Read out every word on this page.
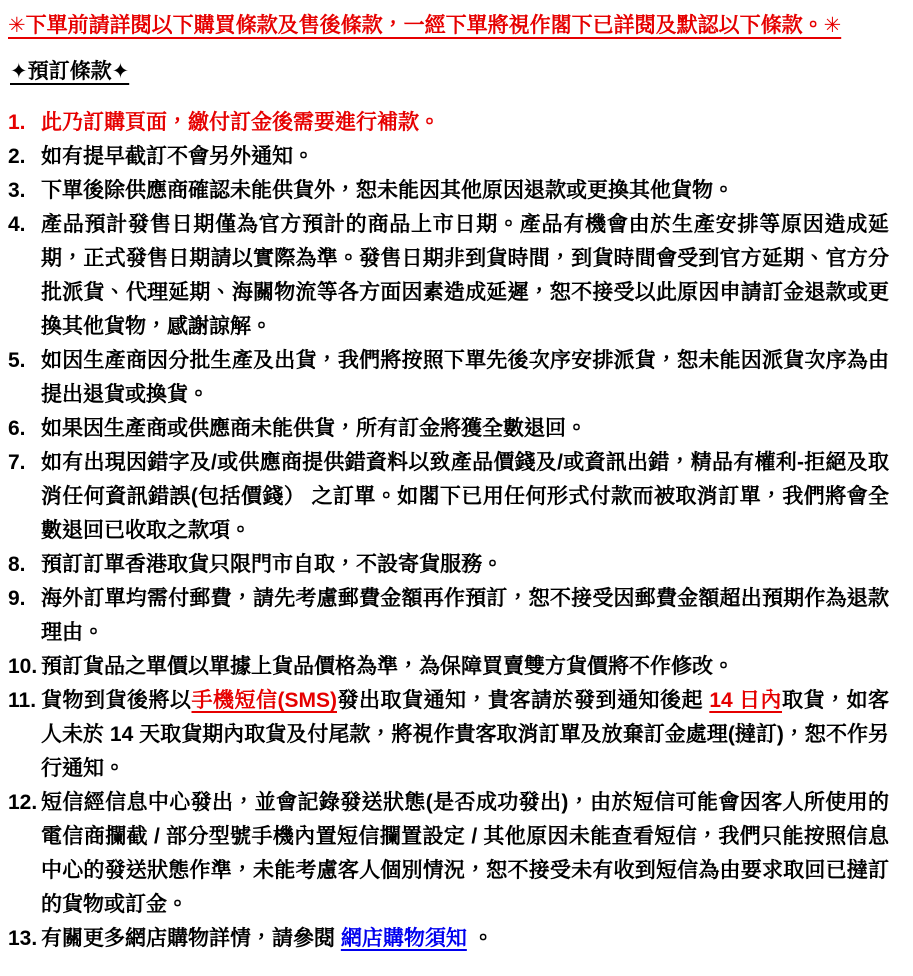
✳下單前請詳閱以下購買條款及售後條款，一經下單將視作閣下已詳閱及默認以下條款。✳

✦預訂條款✦
1. 此乃訂購頁面，繳付訂金後需要進行補款。
2. 如有提早截訂不會另外通知。
3. 下單後除供應商確認未能供貨外，恕未能因其他原因退款或更換其他貨物。
4. 產品預計發售日期僅為官方預計的商品上市日期。產品有機會由於生產安排等原因造成延期，正式發售日期請以實際為準。發售日期非到貨時間，到貨時間會受到官方延期、官方分批派貨、代理延期、海關物流等各方面因素造成延遲，恕不接受以此原因申請訂金退款或更換其他貨物，感謝諒解。
5. 如因生產商因分批生產及出貨，我們將按照下單先後次序安排派貨，恕未能因派貨次序為由提出退貨或換貨。
6. 如果因生產商或供應商未能供貨，所有訂金將獲全數退回。
7. 如有出現因錯字及/或供應商提供錯資料以致產品價錢及/或資訊出錯，精品有權利-拒絕及取消任何資訊錯誤(包括價錢） 之訂單。如閣下已用任何形式付款而被取消訂單，我們將會全數退回已收取之款項。
8. 預訂訂單香港取貨只限門市自取，不設寄貨服務。
9. 海外訂單均需付郵費，請先考慮郵費金額再作預訂，恕不接受因郵費金額超出預期作為退款理由。
10. 預訂貨品之單價以單據上貨品價格為準，為保障買賣雙方貨價將不作修改。
11. 貨物到貨後將以手機短信(SMS)發出取貨通知，貴客請於發到通知後起 14 日內取貨，如客人未於 14 天取貨期內取貨及付尾款，將視作貴客取消訂單及放棄訂金處理(撻訂)，恕不作另行通知。
12. 短信經信息中心發出，並會記錄發送狀態(是否成功發出)，由於短信可能會因客人所使用的電信商攔截 / 部分型號手機內置短信攔置設定 / 其他原因未能查看短信，我們只能按照信息中心的發送狀態作準，未能考慮客人個別情況，恕不接受未有收到短信為由要求取回已撻訂的貨物或訂金。
13. 有關更多網店購物詳情，請參閱 網店購物須知 。
